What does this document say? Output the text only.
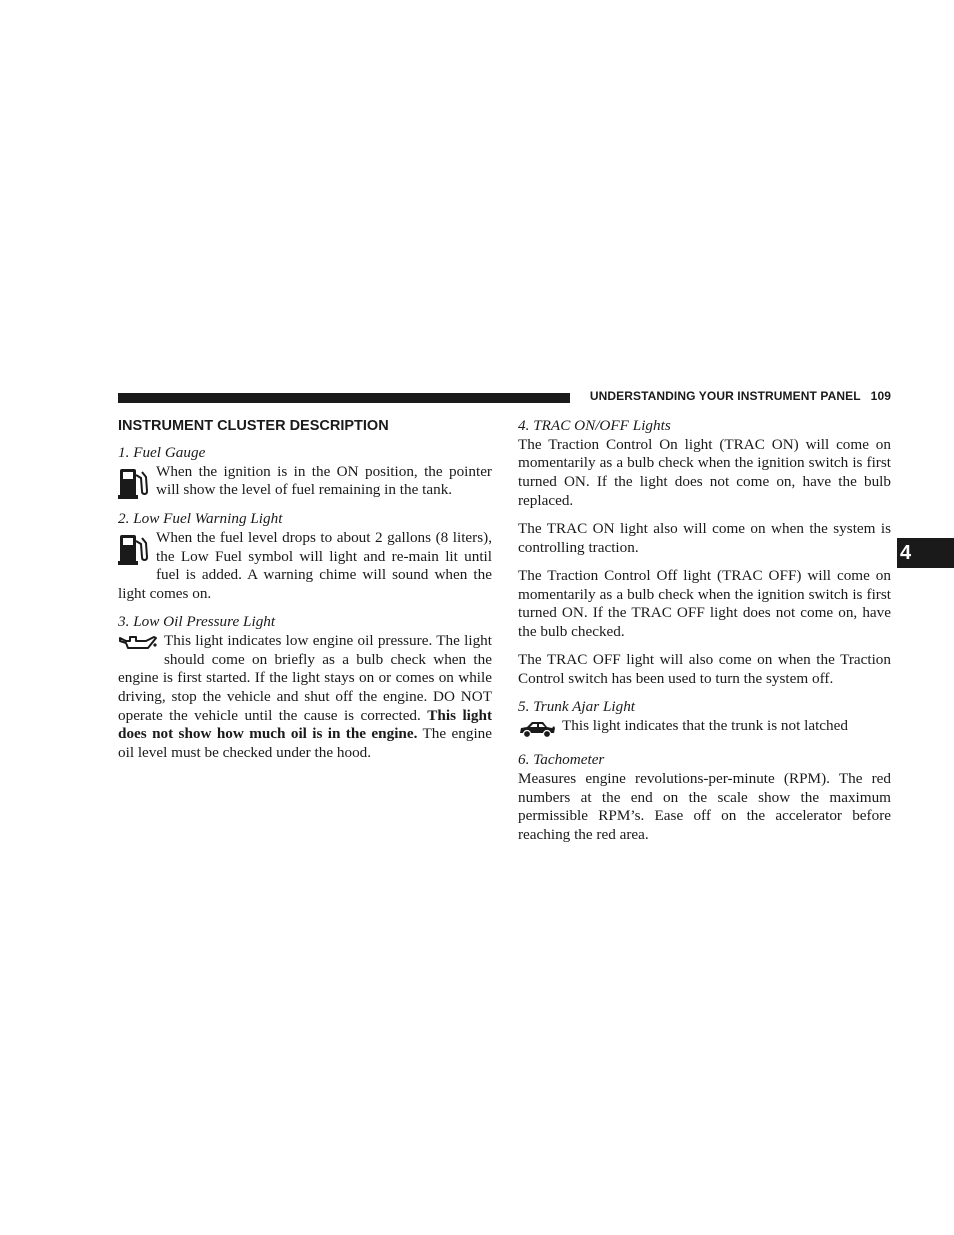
UNDERSTANDING YOUR INSTRUMENT PANEL 109
4
INSTRUMENT CLUSTER DESCRIPTION
1. Fuel Gauge

When the ignition is in the ON position, the pointer will show the level of fuel remaining in the tank.

2. Low Fuel Warning Light

When the fuel level drops to about 2 gallons (8 liters), the Low Fuel symbol will light and re-main lit until fuel is added. A warning chime will sound when the light comes on.

3. Low Oil Pressure Light

This light indicates low engine oil pressure. The light should come on briefly as a bulb check when the engine is first started. If the light stays on or comes on while driving, stop the vehicle and shut off the engine. DO NOT operate the vehicle until the cause is corrected. This light does not show how much oil is in the engine. The engine oil level must be checked under the hood.

4. TRAC ON/OFF Lights

The Traction Control On light (TRAC ON) will come on momentarily as a bulb check when the ignition switch is first turned ON. If the light does not come on, have the bulb replaced.

The TRAC ON light also will come on when the system is controlling traction.

The Traction Control Off light (TRAC OFF) will come on momentarily as a bulb check when the ignition switch is first turned ON. If the TRAC OFF light does not come on, have the bulb checked.

The TRAC OFF light will also come on when the Traction Control switch has been used to turn the system off.

5. Trunk Ajar Light

This light indicates that the trunk is not latched

6. Tachometer

Measures engine revolutions-per-minute (RPM). The red numbers at the end on the scale show the maximum permissible RPM’s. Ease off on the accelerator before reaching the red area.
